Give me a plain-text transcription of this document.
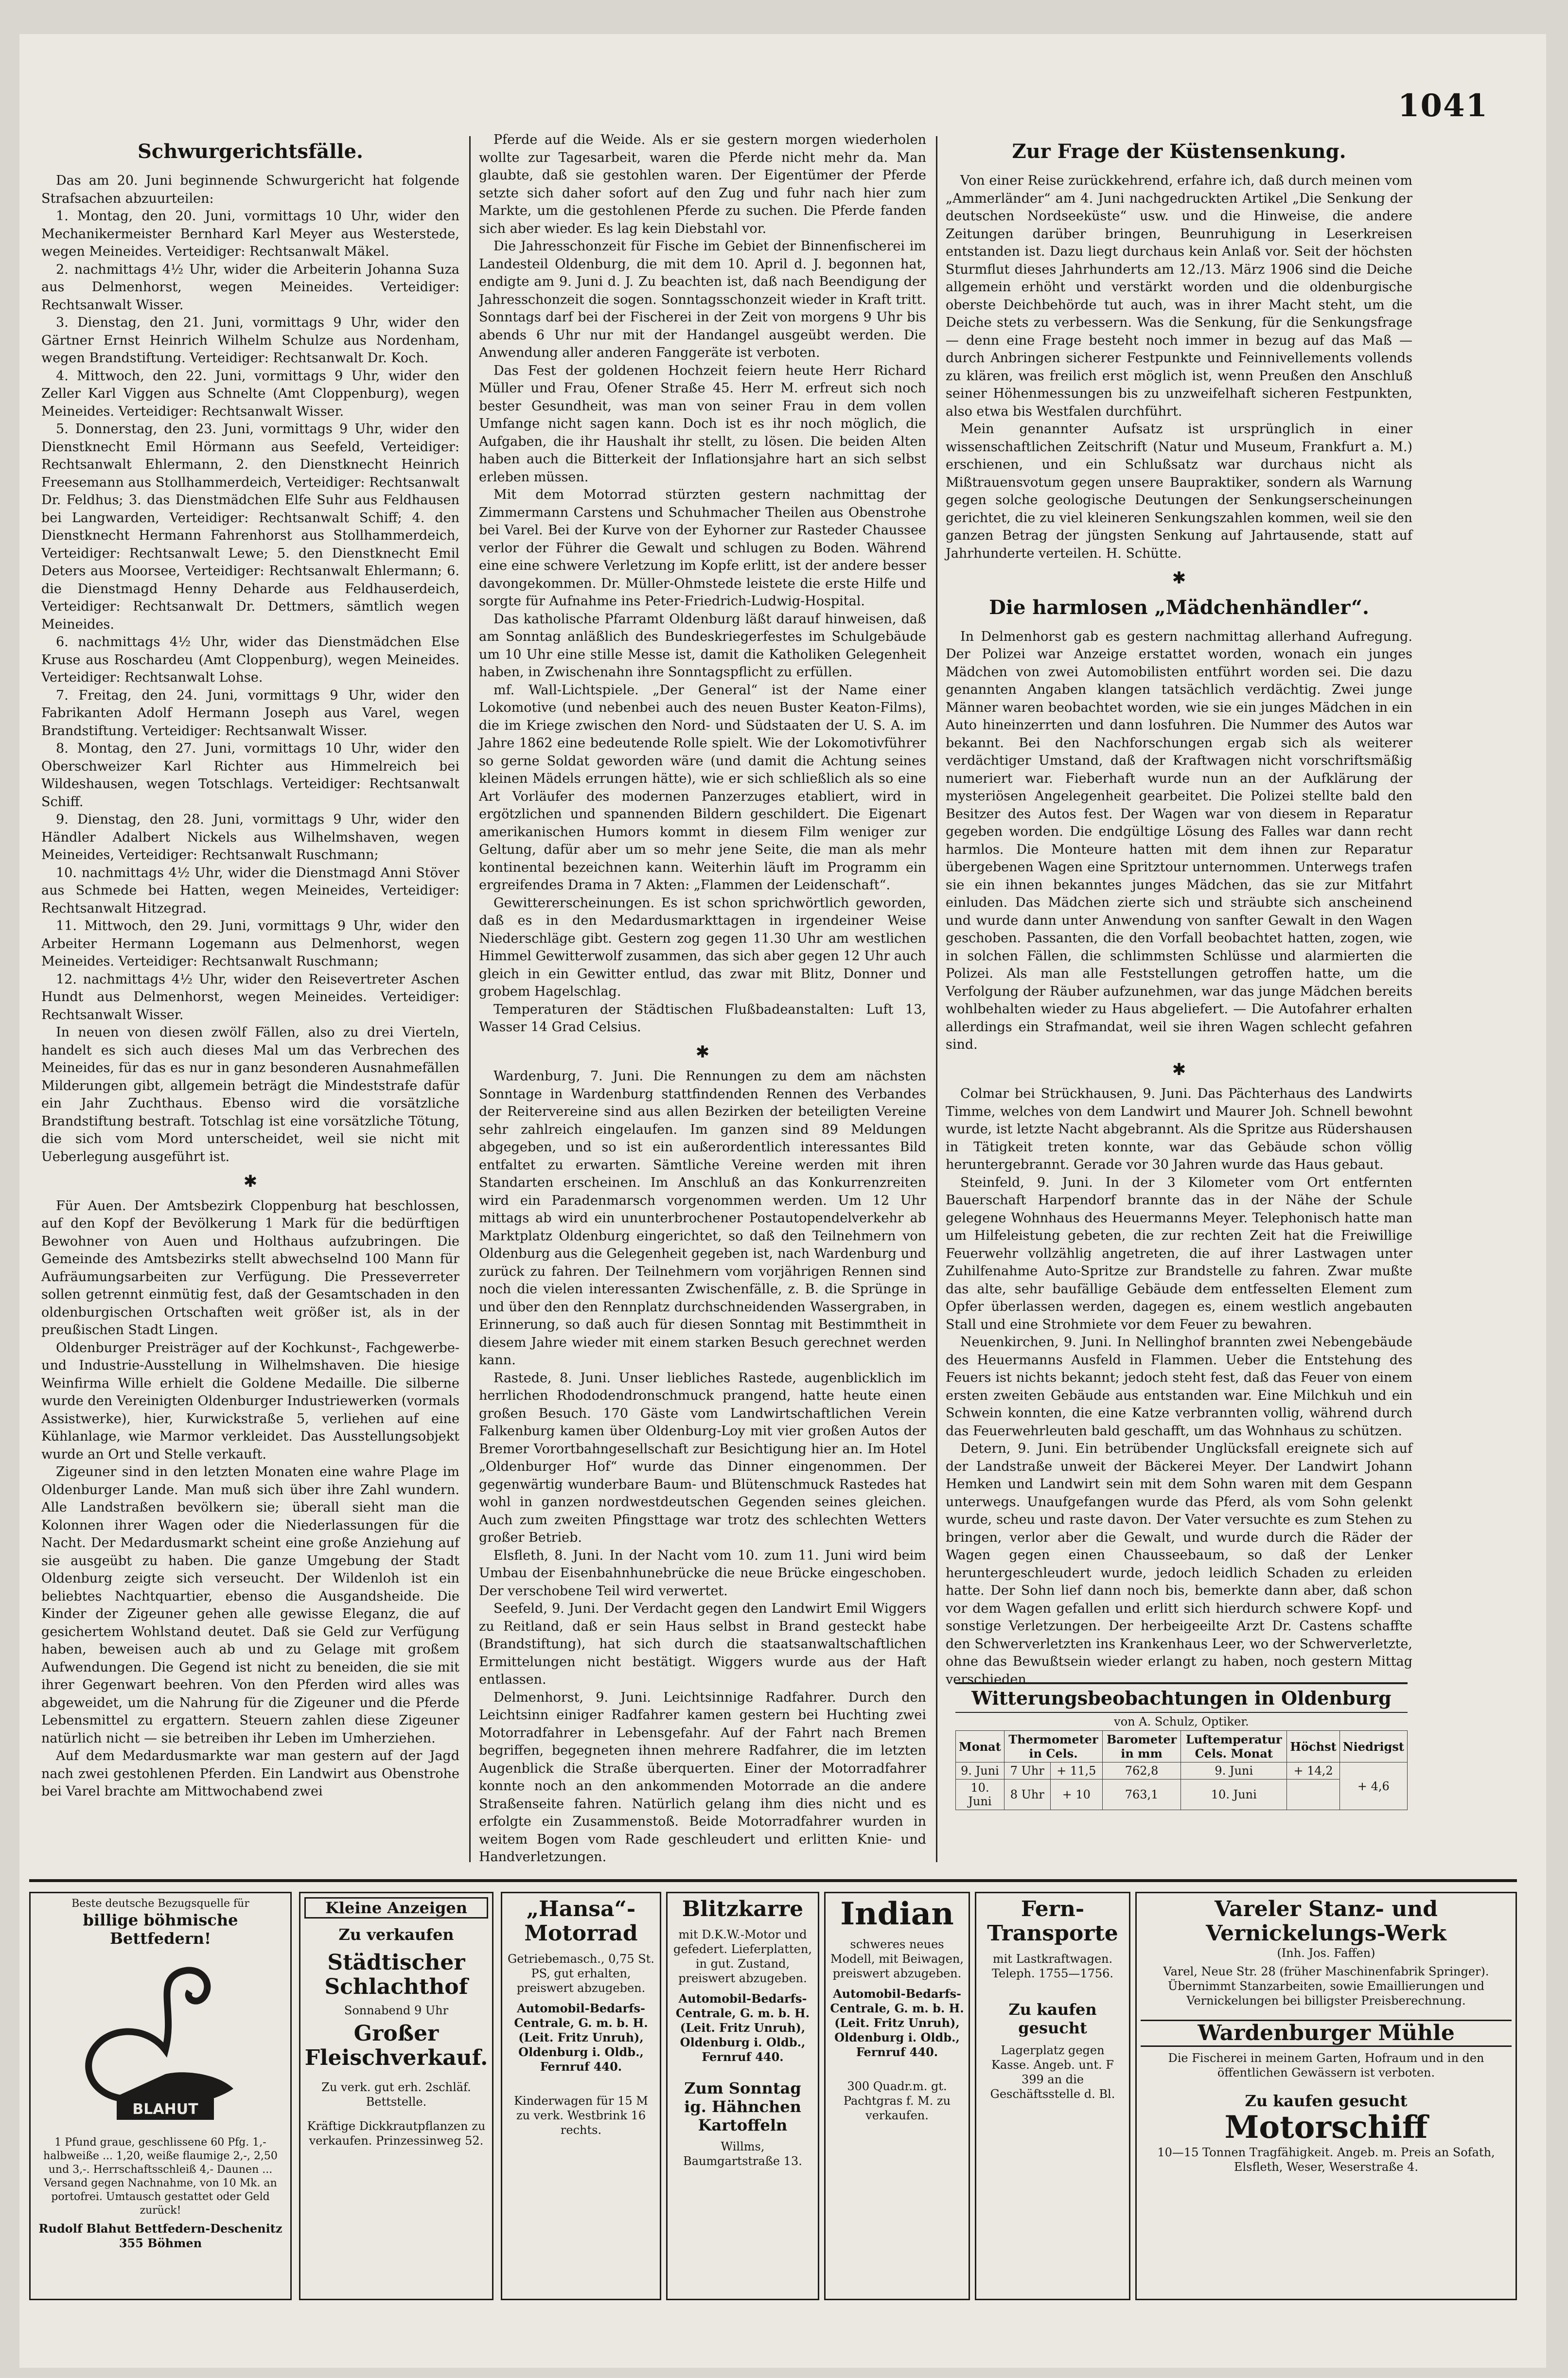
1041
Schwurgerichtsfälle.

Das am 20. Juni beginnende Schwurgericht hat folgende Strafsachen abzuurteilen:

1. Montag, den 20. Juni, vormittags 10 Uhr, wider den Mechanikermeister Bernhard Karl Meyer aus Westerstede, wegen Meineides. Verteidiger: Rechtsanwalt Mäkel.

2. nachmittags 4½ Uhr, wider die Arbeiterin Johanna Suza aus Delmenhorst, wegen Meineides. Verteidiger: Rechtsanwalt Wisser.

3. Dienstag, den 21. Juni, vormittags 9 Uhr, wider den Gärtner Ernst Heinrich Wilhelm Schulze aus Nordenham, wegen Brandstiftung. Verteidiger: Rechtsanwalt Dr. Koch.

4. Mittwoch, den 22. Juni, vormittags 9 Uhr, wider den Zeller Karl Viggen aus Schnelte (Amt Cloppenburg), wegen Meineides. Verteidiger: Rechtsanwalt Wisser.

5. Donnerstag, den 23. Juni, vormittags 9 Uhr, wider den Dienstknecht Emil Hörmann aus Seefeld, Verteidiger: Rechtsanwalt Ehlermann, 2. den Dienstknecht Heinrich Freesemann aus Stollhammerdeich, Verteidiger: Rechtsanwalt Dr. Feldhus; 3. das Dienstmädchen Elfe Suhr aus Feldhausen bei Langwarden, Verteidiger: Rechtsanwalt Schiff; 4. den Dienstknecht Hermann Fahrenhorst aus Stollhammerdeich, Verteidiger: Rechtsanwalt Lewe; 5. den Dienstknecht Emil Deters aus Moorsee, Verteidiger: Rechtsanwalt Ehlermann; 6. die Dienstmagd Henny Deharde aus Feldhauserdeich, Verteidiger: Rechtsanwalt Dr. Dettmers, sämtlich wegen Meineides.

6. nachmittags 4½ Uhr, wider das Dienstmädchen Else Kruse aus Roschardeu (Amt Cloppenburg), wegen Meineides. Verteidiger: Rechtsanwalt Lohse.

7. Freitag, den 24. Juni, vormittags 9 Uhr, wider den Fabrikanten Adolf Hermann Joseph aus Varel, wegen Brandstiftung. Verteidiger: Rechtsanwalt Wisser.

8. Montag, den 27. Juni, vormittags 10 Uhr, wider den Oberschweizer Karl Richter aus Himmelreich bei Wildeshausen, wegen Totschlags. Verteidiger: Rechtsanwalt Schiff.

9. Dienstag, den 28. Juni, vormittags 9 Uhr, wider den Händler Adalbert Nickels aus Wilhelmshaven, wegen Meineides, Verteidiger: Rechtsanwalt Ruschmann;

10. nachmittags 4½ Uhr, wider die Dienstmagd Anni Stöver aus Schmede bei Hatten, wegen Meineides, Verteidiger: Rechtsanwalt Hitzegrad.

11. Mittwoch, den 29. Juni, vormittags 9 Uhr, wider den Arbeiter Hermann Logemann aus Delmenhorst, wegen Meineides. Verteidiger: Rechtsanwalt Ruschmann;

12. nachmittags 4½ Uhr, wider den Reisevertreter Aschen Hundt aus Delmenhorst, wegen Meineides. Verteidiger: Rechtsanwalt Wisser.

In neuen von diesen zwölf Fällen, also zu drei Vierteln, handelt es sich auch dieses Mal um das Verbrechen des Meineides, für das es nur in ganz besonderen Ausnahmefällen Milderungen gibt, allgemein beträgt die Mindeststrafe dafür ein Jahr Zuchthaus. Ebenso wird die vorsätzliche Brandstiftung bestraft. Totschlag ist eine vorsätzliche Tötung, die sich vom Mord unterscheidet, weil sie nicht mit Ueberlegung ausgeführt ist.

✱

Für Auen. Der Amtsbezirk Cloppenburg hat beschlossen, auf den Kopf der Bevölkerung 1 Mark für die bedürftigen Bewohner von Auen und Holthaus aufzubringen. Die Gemeinde des Amtsbezirks stellt abwechselnd 100 Mann für Aufräumungsarbeiten zur Verfügung. Die Presseverreter sollen getrennt einmütig fest, daß der Gesamtschaden in den oldenburgischen Ortschaften weit größer ist, als in der preußischen Stadt Lingen.

Oldenburger Preisträger auf der Kochkunst-, Fachgewerbe- und Industrie-Ausstellung in Wilhelmshaven. Die hiesige Weinfirma Wille erhielt die Goldene Medaille. Die silberne wurde den Vereinigten Oldenburger Industriewerken (vormals Assistwerke), hier, Kurwickstraße 5, verliehen auf eine Kühlanlage, wie Marmor verkleidet. Das Ausstellungsobjekt wurde an Ort und Stelle verkauft.

Zigeuner sind in den letzten Monaten eine wahre Plage im Oldenburger Lande. Man muß sich über ihre Zahl wundern. Alle Landstraßen bevölkern sie; überall sieht man die Kolonnen ihrer Wagen oder die Niederlassungen für die Nacht. Der Medardusmarkt scheint eine große Anziehung auf sie ausgeübt zu haben. Die ganze Umgebung der Stadt Oldenburg zeigte sich verseucht. Der Wildenloh ist ein beliebtes Nachtquartier, ebenso die Ausgandsheide. Die Kinder der Zigeuner gehen alle gewisse Eleganz, die auf gesichertem Wohlstand deutet. Daß sie Geld zur Verfügung haben, beweisen auch ab und zu Gelage mit großem Aufwendungen. Die Gegend ist nicht zu beneiden, die sie mit ihrer Gegenwart beehren. Von den Pferden wird alles was abgeweidet, um die Nahrung für die Zigeuner und die Pferde Lebensmittel zu ergattern. Steuern zahlen diese Zigeuner natürlich nicht — sie betreiben ihr Leben im Umherziehen.

Auf dem Medardusmarkte war man gestern auf der Jagd nach zwei gestohlenen Pferden. Ein Landwirt aus Obenstrohe bei Varel brachte am Mittwochabend zwei

Pferde auf die Weide. Als er sie gestern morgen wiederholen wollte zur Tagesarbeit, waren die Pferde nicht mehr da. Man glaubte, daß sie gestohlen waren. Der Eigentümer der Pferde setzte sich daher sofort auf den Zug und fuhr nach hier zum Markte, um die gestohlenen Pferde zu suchen. Die Pferde fanden sich aber wieder. Es lag kein Diebstahl vor.

Die Jahresschonzeit für Fische im Gebiet der Binnenfischerei im Landesteil Oldenburg, die mit dem 10. April d. J. begonnen hat, endigte am 9. Juni d. J. Zu beachten ist, daß nach Beendigung der Jahresschonzeit die sogen. Sonntagsschonzeit wieder in Kraft tritt. Sonntags darf bei der Fischerei in der Zeit von morgens 9 Uhr bis abends 6 Uhr nur mit der Handangel ausgeübt werden. Die Anwendung aller anderen Fanggeräte ist verboten.

Das Fest der goldenen Hochzeit feiern heute Herr Richard Müller und Frau, Ofener Straße 45. Herr M. erfreut sich noch bester Gesundheit, was man von seiner Frau in dem vollen Umfange nicht sagen kann. Doch ist es ihr noch möglich, die Aufgaben, die ihr Haushalt ihr stellt, zu lösen. Die beiden Alten haben auch die Bitterkeit der Inflationsjahre hart an sich selbst erleben müssen.

Mit dem Motorrad stürzten gestern nachmittag der Zimmermann Carstens und Schuhmacher Theilen aus Obenstrohe bei Varel. Bei der Kurve von der Eyhorner zur Rasteder Chaussee verlor der Führer die Gewalt und schlugen zu Boden. Während eine eine schwere Verletzung im Kopfe erlitt, ist der andere besser davongekommen. Dr. Müller-Ohmstede leistete die erste Hilfe und sorgte für Aufnahme ins Peter-Friedrich-Ludwig-Hospital.

Das katholische Pfarramt Oldenburg läßt darauf hinweisen, daß am Sonntag anläßlich des Bundeskriegerfestes im Schulgebäude um 10 Uhr eine stille Messe ist, damit die Katholiken Gelegenheit haben, in Zwischenahn ihre Sonntagspflicht zu erfüllen.

mf. Wall-Lichtspiele. „Der General“ ist der Name einer Lokomotive (und nebenbei auch des neuen Buster Keaton-Films), die im Kriege zwischen den Nord- und Südstaaten der U. S. A. im Jahre 1862 eine bedeutende Rolle spielt. Wie der Lokomotivführer so gerne Soldat geworden wäre (und damit die Achtung seines kleinen Mädels errungen hätte), wie er sich schließlich als so eine Art Vorläufer des modernen Panzerzuges etabliert, wird in ergötzlichen und spannenden Bildern geschildert. Die Eigenart amerikanischen Humors kommt in diesem Film weniger zur Geltung, dafür aber um so mehr jene Seite, die man als mehr kontinental bezeichnen kann. Weiterhin läuft im Programm ein ergreifendes Drama in 7 Akten: „Flammen der Leidenschaft“.

Gewittererscheinungen. Es ist schon sprichwörtlich geworden, daß es in den Medardusmarkttagen in irgendeiner Weise Niederschläge gibt. Gestern zog gegen 11.30 Uhr am westlichen Himmel Gewitterwolf zusammen, das sich aber gegen 12 Uhr auch gleich in ein Gewitter entlud, das zwar mit Blitz, Donner und grobem Hagelschlag.

Temperaturen der Städtischen Flußbadeanstalten: Luft 13, Wasser 14 Grad Celsius.

✱

Wardenburg, 7. Juni. Die Rennungen zu dem am nächsten Sonntage in Wardenburg stattfindenden Rennen des Verbandes der Reitervereine sind aus allen Bezirken der beteiligten Vereine sehr zahlreich eingelaufen. Im ganzen sind 89 Meldungen abgegeben, und so ist ein außerordentlich interessantes Bild entfaltet zu erwarten. Sämtliche Vereine werden mit ihren Standarten erscheinen. Im Anschluß an das Konkurrenzreiten wird ein Paradenmarsch vorgenommen werden. Um 12 Uhr mittags ab wird ein ununterbrochener Postautopendelverkehr ab Marktplatz Oldenburg eingerichtet, so daß den Teilnehmern von Oldenburg aus die Gelegenheit gegeben ist, nach Wardenburg und zurück zu fahren. Der Teilnehmern vom vorjährigen Rennen sind noch die vielen interessanten Zwischenfälle, z. B. die Sprünge in und über den den Rennplatz durchschneidenden Wassergraben, in Erinnerung, so daß auch für diesen Sonntag mit Bestimmtheit in diesem Jahre wieder mit einem starken Besuch gerechnet werden kann.

Rastede, 8. Juni. Unser liebliches Rastede, augenblicklich im herrlichen Rhododendronschmuck prangend, hatte heute einen großen Besuch. 170 Gäste vom Landwirtschaftlichen Verein Falkenburg kamen über Oldenburg-Loy mit vier großen Autos der Bremer Vorortbahngesellschaft zur Besichtigung hier an. Im Hotel „Oldenburger Hof“ wurde das Dinner eingenommen. Der gegenwärtig wunderbare Baum- und Blütenschmuck Rastedes hat wohl in ganzen nordwestdeutschen Gegenden seines gleichen. Auch zum zweiten Pfingsttage war trotz des schlechten Wetters großer Betrieb.

Elsfleth, 8. Juni. In der Nacht vom 10. zum 11. Juni wird beim Umbau der Eisenbahnhunebrücke die neue Brücke eingeschoben. Der verschobene Teil wird verwertet.

Seefeld, 9. Juni. Der Verdacht gegen den Landwirt Emil Wiggers zu Reitland, daß er sein Haus selbst in Brand gesteckt habe (Brandstiftung), hat sich durch die staatsanwaltschaftlichen Ermittelungen nicht bestätigt. Wiggers wurde aus der Haft entlassen.

Delmenhorst, 9. Juni. Leichtsinnige Radfahrer. Durch den Leichtsinn einiger Radfahrer kamen gestern bei Huchting zwei Motorradfahrer in Lebensgefahr. Auf der Fahrt nach Bremen begriffen, begegneten ihnen mehrere Radfahrer, die im letzten Augenblick die Straße überquerten. Einer der Motorradfahrer konnte noch an den ankommenden Motorrade an die andere Straßenseite fahren. Natürlich gelang ihm dies nicht und es erfolgte ein Zusammenstoß. Beide Motorradfahrer wurden in weitem Bogen vom Rade geschleudert und erlitten Knie- und Handverletzungen.

Zur Frage der Küstensenkung.

Von einer Reise zurückkehrend, erfahre ich, daß durch meinen vom „Ammerländer“ am 4. Juni nachgedruckten Artikel „Die Senkung der deutschen Nordseeküste“ usw. und die Hinweise, die andere Zeitungen darüber bringen, Beunruhigung in Leserkreisen entstanden ist. Dazu liegt durchaus kein Anlaß vor. Seit der höchsten Sturmflut dieses Jahrhunderts am 12./13. März 1906 sind die Deiche allgemein erhöht und verstärkt worden und die oldenburgische oberste Deichbehörde tut auch, was in ihrer Macht steht, um die Deiche stets zu verbessern. Was die Senkung, für die Senkungsfrage — denn eine Frage besteht noch immer in bezug auf das Maß — durch Anbringen sicherer Festpunkte und Feinnivellements vollends zu klären, was freilich erst möglich ist, wenn Preußen den Anschluß seiner Höhenmessungen bis zu unzweifelhaft sicheren Festpunkten, also etwa bis Westfalen durchführt.

Mein genannter Aufsatz ist ursprünglich in einer wissenschaftlichen Zeitschrift (Natur und Museum, Frankfurt a. M.) erschienen, und ein Schlußsatz war durchaus nicht als Mißtrauensvotum gegen unsere Baupraktiker, sondern als Warnung gegen solche geologische Deutungen der Senkungserscheinungen gerichtet, die zu viel kleineren Senkungszahlen kommen, weil sie den ganzen Betrag der jüngsten Senkung auf Jahrtausende, statt auf Jahrhunderte verteilen. H. Schütte.

✱
Die harmlosen „Mädchenhändler“.

In Delmenhorst gab es gestern nachmittag allerhand Aufregung. Der Polizei war Anzeige erstattet worden, wonach ein junges Mädchen von zwei Automobilisten entführt worden sei. Die dazu genannten Angaben klangen tatsächlich verdächtig. Zwei junge Männer waren beobachtet worden, wie sie ein junges Mädchen in ein Auto hineinzerrten und dann losfuhren. Die Nummer des Autos war bekannt. Bei den Nachforschungen ergab sich als weiterer verdächtiger Umstand, daß der Kraftwagen nicht vorschriftsmäßig numeriert war. Fieberhaft wurde nun an der Aufklärung der mysteriösen Angelegenheit gearbeitet. Die Polizei stellte bald den Besitzer des Autos fest. Der Wagen war von diesem in Reparatur gegeben worden. Die endgültige Lösung des Falles war dann recht harmlos. Die Monteure hatten mit dem ihnen zur Reparatur übergebenen Wagen eine Spritztour unternommen. Unterwegs trafen sie ein ihnen bekanntes junges Mädchen, das sie zur Mitfahrt einluden. Das Mädchen zierte sich und sträubte sich anscheinend und wurde dann unter Anwendung von sanfter Gewalt in den Wagen geschoben. Passanten, die den Vorfall beobachtet hatten, zogen, wie in solchen Fällen, die schlimmsten Schlüsse und alarmierten die Polizei. Als man alle Feststellungen getroffen hatte, um die Verfolgung der Räuber aufzunehmen, war das junge Mädchen bereits wohlbehalten wieder zu Haus abgeliefert. — Die Autofahrer erhalten allerdings ein Strafmandat, weil sie ihren Wagen schlecht gefahren sind.

✱

Colmar bei Strückhausen, 9. Juni. Das Pächterhaus des Landwirts Timme, welches von dem Landwirt und Maurer Joh. Schnell bewohnt wurde, ist letzte Nacht abgebrannt. Als die Spritze aus Rüdershausen in Tätigkeit treten konnte, war das Gebäude schon völlig heruntergebrannt. Gerade vor 30 Jahren wurde das Haus gebaut.

Steinfeld, 9. Juni. In der 3 Kilometer vom Ort entfernten Bauerschaft Harpendorf brannte das in der Nähe der Schule gelegene Wohnhaus des Heuermanns Meyer. Telephonisch hatte man um Hilfeleistung gebeten, die zur rechten Zeit hat die Freiwillige Feuerwehr vollzählig angetreten, die auf ihrer Lastwagen unter Zuhilfenahme Auto-Spritze zur Brandstelle zu fahren. Zwar mußte das alte, sehr baufällige Gebäude dem entfesselten Element zum Opfer überlassen werden, dagegen es, einem westlich angebauten Stall und eine Strohmiete vor dem Feuer zu bewahren.

Neuenkirchen, 9. Juni. In Nellinghof brannten zwei Nebengebäude des Heuermanns Ausfeld in Flammen. Ueber die Entstehung des Feuers ist nichts bekannt; jedoch steht fest, daß das Feuer von einem ersten zweiten Gebäude aus entstanden war. Eine Milchkuh und ein Schwein konnten, die eine Katze verbrannten vollig, während durch das Feuerwehrleuten bald geschafft, um das Wohnhaus zu schützen.

Detern, 9. Juni. Ein betrübender Unglücksfall ereignete sich auf der Landstraße unweit der Bäckerei Meyer. Der Landwirt Johann Hemken und Landwirt sein mit dem Sohn waren mit dem Gespann unterwegs. Unaufgefangen wurde das Pferd, als vom Sohn gelenkt wurde, scheu und raste davon. Der Vater versuchte es zum Stehen zu bringen, verlor aber die Gewalt, und wurde durch die Räder der Wagen gegen einen Chausseebaum, so daß der Lenker heruntergeschleudert wurde, jedoch leidlich Schaden zu erleiden hatte. Der Sohn lief dann noch bis, bemerkte dann aber, daß schon vor dem Wagen gefallen und erlitt sich hierdurch schwere Kopf- und sonstige Verletzungen. Der herbeigeeilte Arzt Dr. Castens schaffte den Schwerverletzten ins Krankenhaus Leer, wo der Schwerverletzte, ohne das Bewußtsein wieder erlangt zu haben, noch gestern Mittag verschieden.

Witterungsbeobachtungen in Oldenburg
von A. Schulz, Optiker.
Monat	Thermometer in Cels.		Barometer in mm	Luftemperatur Cels. Monat	Höchst	Niedrigst
9. Juni	7 Uhr	+ 11,5	762,8	9. Juni	+ 14,2	+ 4,6
10. Juni	8 Uhr	+ 10	763,1	10. Juni		
Beste deutsche Bezugsquelle für
billige böhmische Bettfedern!
BLAHUT
1 Pfund graue, geschlissene 60 Pfg. 1,- halbweiße ... 1,20, weiße flaumige 2,-, 2,50 und 3,-. Herrschaftsschleiß 4,- Daunen ... Versand gegen Nachnahme, von 10 Mk. an portofrei. Umtausch gestattet oder Geld zurück!
Rudolf Blahut Bettfedern-Deschenitz 355 Böhmen
Kleine Anzeigen
Zu verkaufen
Städtischer Schlachthof
Sonnabend 9 Uhr
Großer Fleischverkauf.
Zu verk. gut erh. 2schläf. Bettstelle.
Kräftige Dickkrautpflanzen zu verkaufen. Prinzessinweg 52.
„Hansa“-Motorrad
Getriebemasch., 0,75 St. PS, gut erhalten, preiswert abzugeben.
Automobil-Bedarfs-Centrale, G. m. b. H. (Leit. Fritz Unruh), Oldenburg i. Oldb., Fernruf 440.
Kinderwagen für 15 M zu verk. Westbrink 16 rechts.
Blitzkarre
mit D.K.W.-Motor und gefedert. Lieferplatten, in gut. Zustand, preiswert abzugeben.
Automobil-Bedarfs-Centrale, G. m. b. H. (Leit. Fritz Unruh), Oldenburg i. Oldb., Fernruf 440.
Zum Sonntag ig. Hähnchen Kartoffeln
Willms, Baumgartstraße 13.
Indian
schweres neues Modell, mit Beiwagen, preiswert abzugeben.
Automobil-Bedarfs-Centrale, G. m. b. H. (Leit. Fritz Unruh), Oldenburg i. Oldb., Fernruf 440.
300 Quadr.m. gt. Pachtgras f. M. zu verkaufen.
Fern-Transporte
mit Lastkraftwagen. Teleph. 1755—1756.
Zu kaufen gesucht
Lagerplatz gegen Kasse. Angeb. unt. F 399 an die Geschäftsstelle d. Bl.
Vareler Stanz- und Vernickelungs-Werk
(Inh. Jos. Faffen)
Varel, Neue Str. 28 (früher Maschinenfabrik Springer). Übernimmt Stanzarbeiten, sowie Emaillierungen und Vernickelungen bei billigster Preisberechnung.
Wardenburger Mühle
Die Fischerei in meinem Garten, Hofraum und in den öffentlichen Gewässern ist verboten.
Zu kaufen gesucht
Motorschiff
10—15 Tonnen Tragfähigkeit. Angeb. m. Preis an Sofath, Elsfleth, Weser, Weserstraße 4.
